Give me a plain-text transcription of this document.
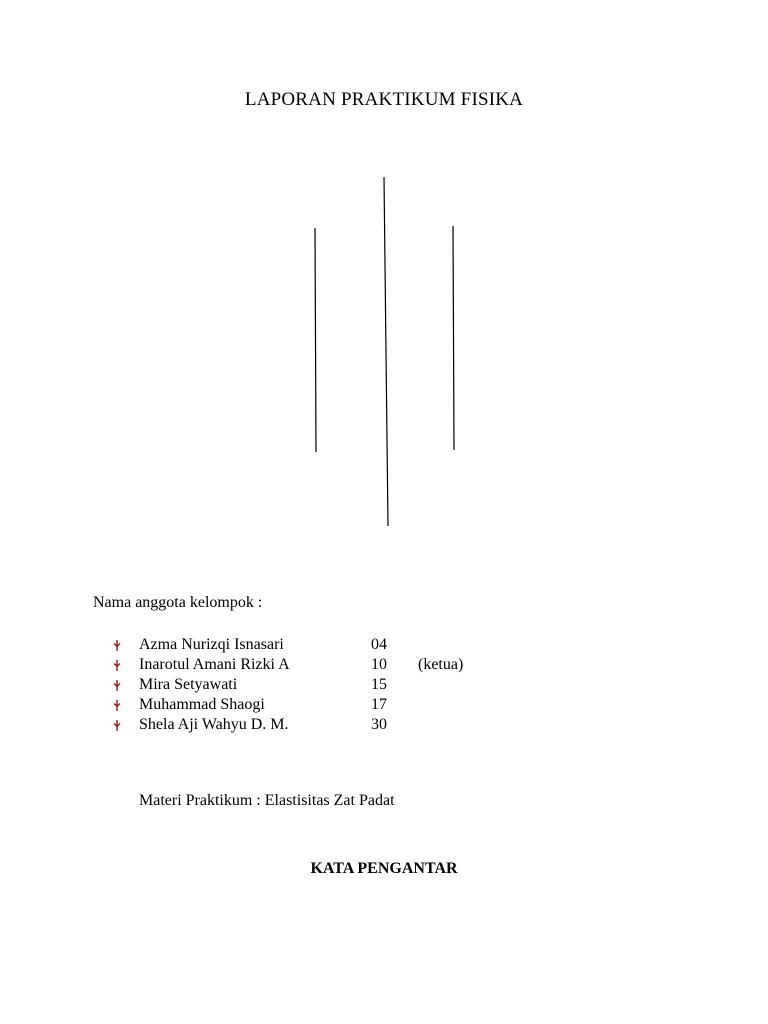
LAPORAN PRAKTIKUM FISIKA
Nama anggota kelompok :
Azma Nurizqi Isnasari	04
Inarotul Amani Rizki A	10 (ketua)
Mira Setyawati	15
Muhammad Shaogi	17
Shela Aji Wahyu D. M.	30
Materi Praktikum : Elastisitas Zat Padat
KATA PENGANTAR
